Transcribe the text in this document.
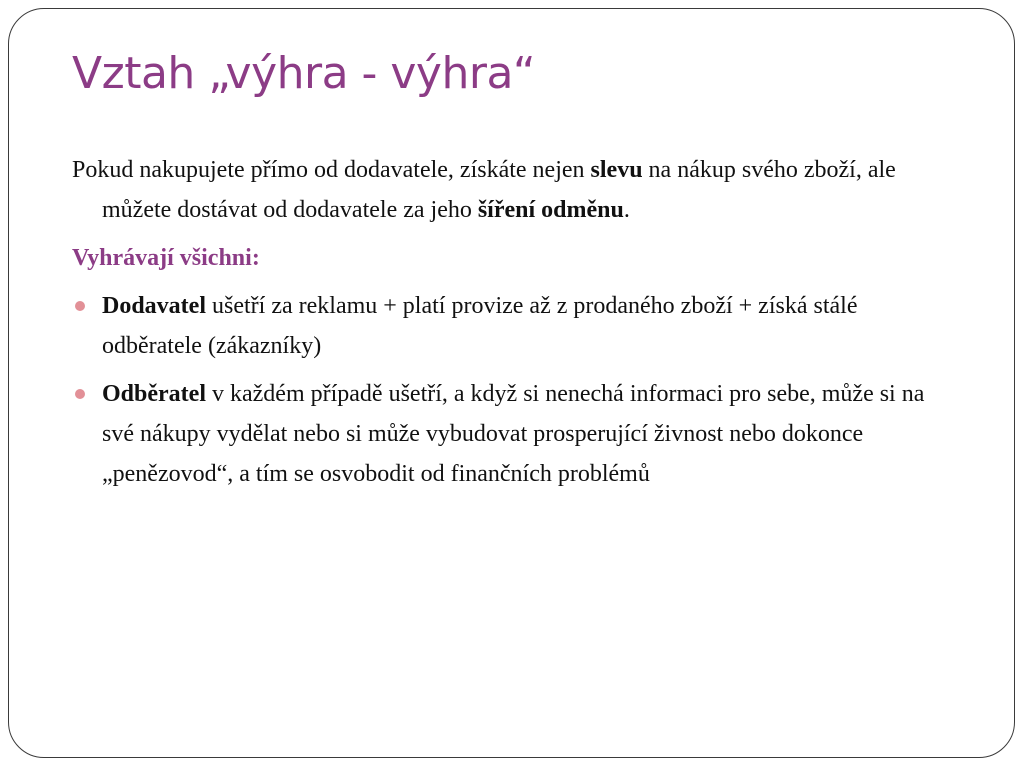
Vztah „výhra - výhra“

Pokud nakupujete přímo od dodavatele, získáte nejen slevu na nákup svého zboží, ale můžete dostávat od dodavatele za jeho šíření odměnu.

Vyhrávají všichni:

Dodavatel ušetří za reklamu + platí provize až z prodaného zboží + získá stálé odběratele (zákazníky)

Odběratel v každém případě ušetří, a když si nenechá informaci pro sebe, může si na své nákupy vydělat nebo si může vybudovat prosperující živnost nebo dokonce „penězovod“, a tím se osvobodit od finančních problémů
